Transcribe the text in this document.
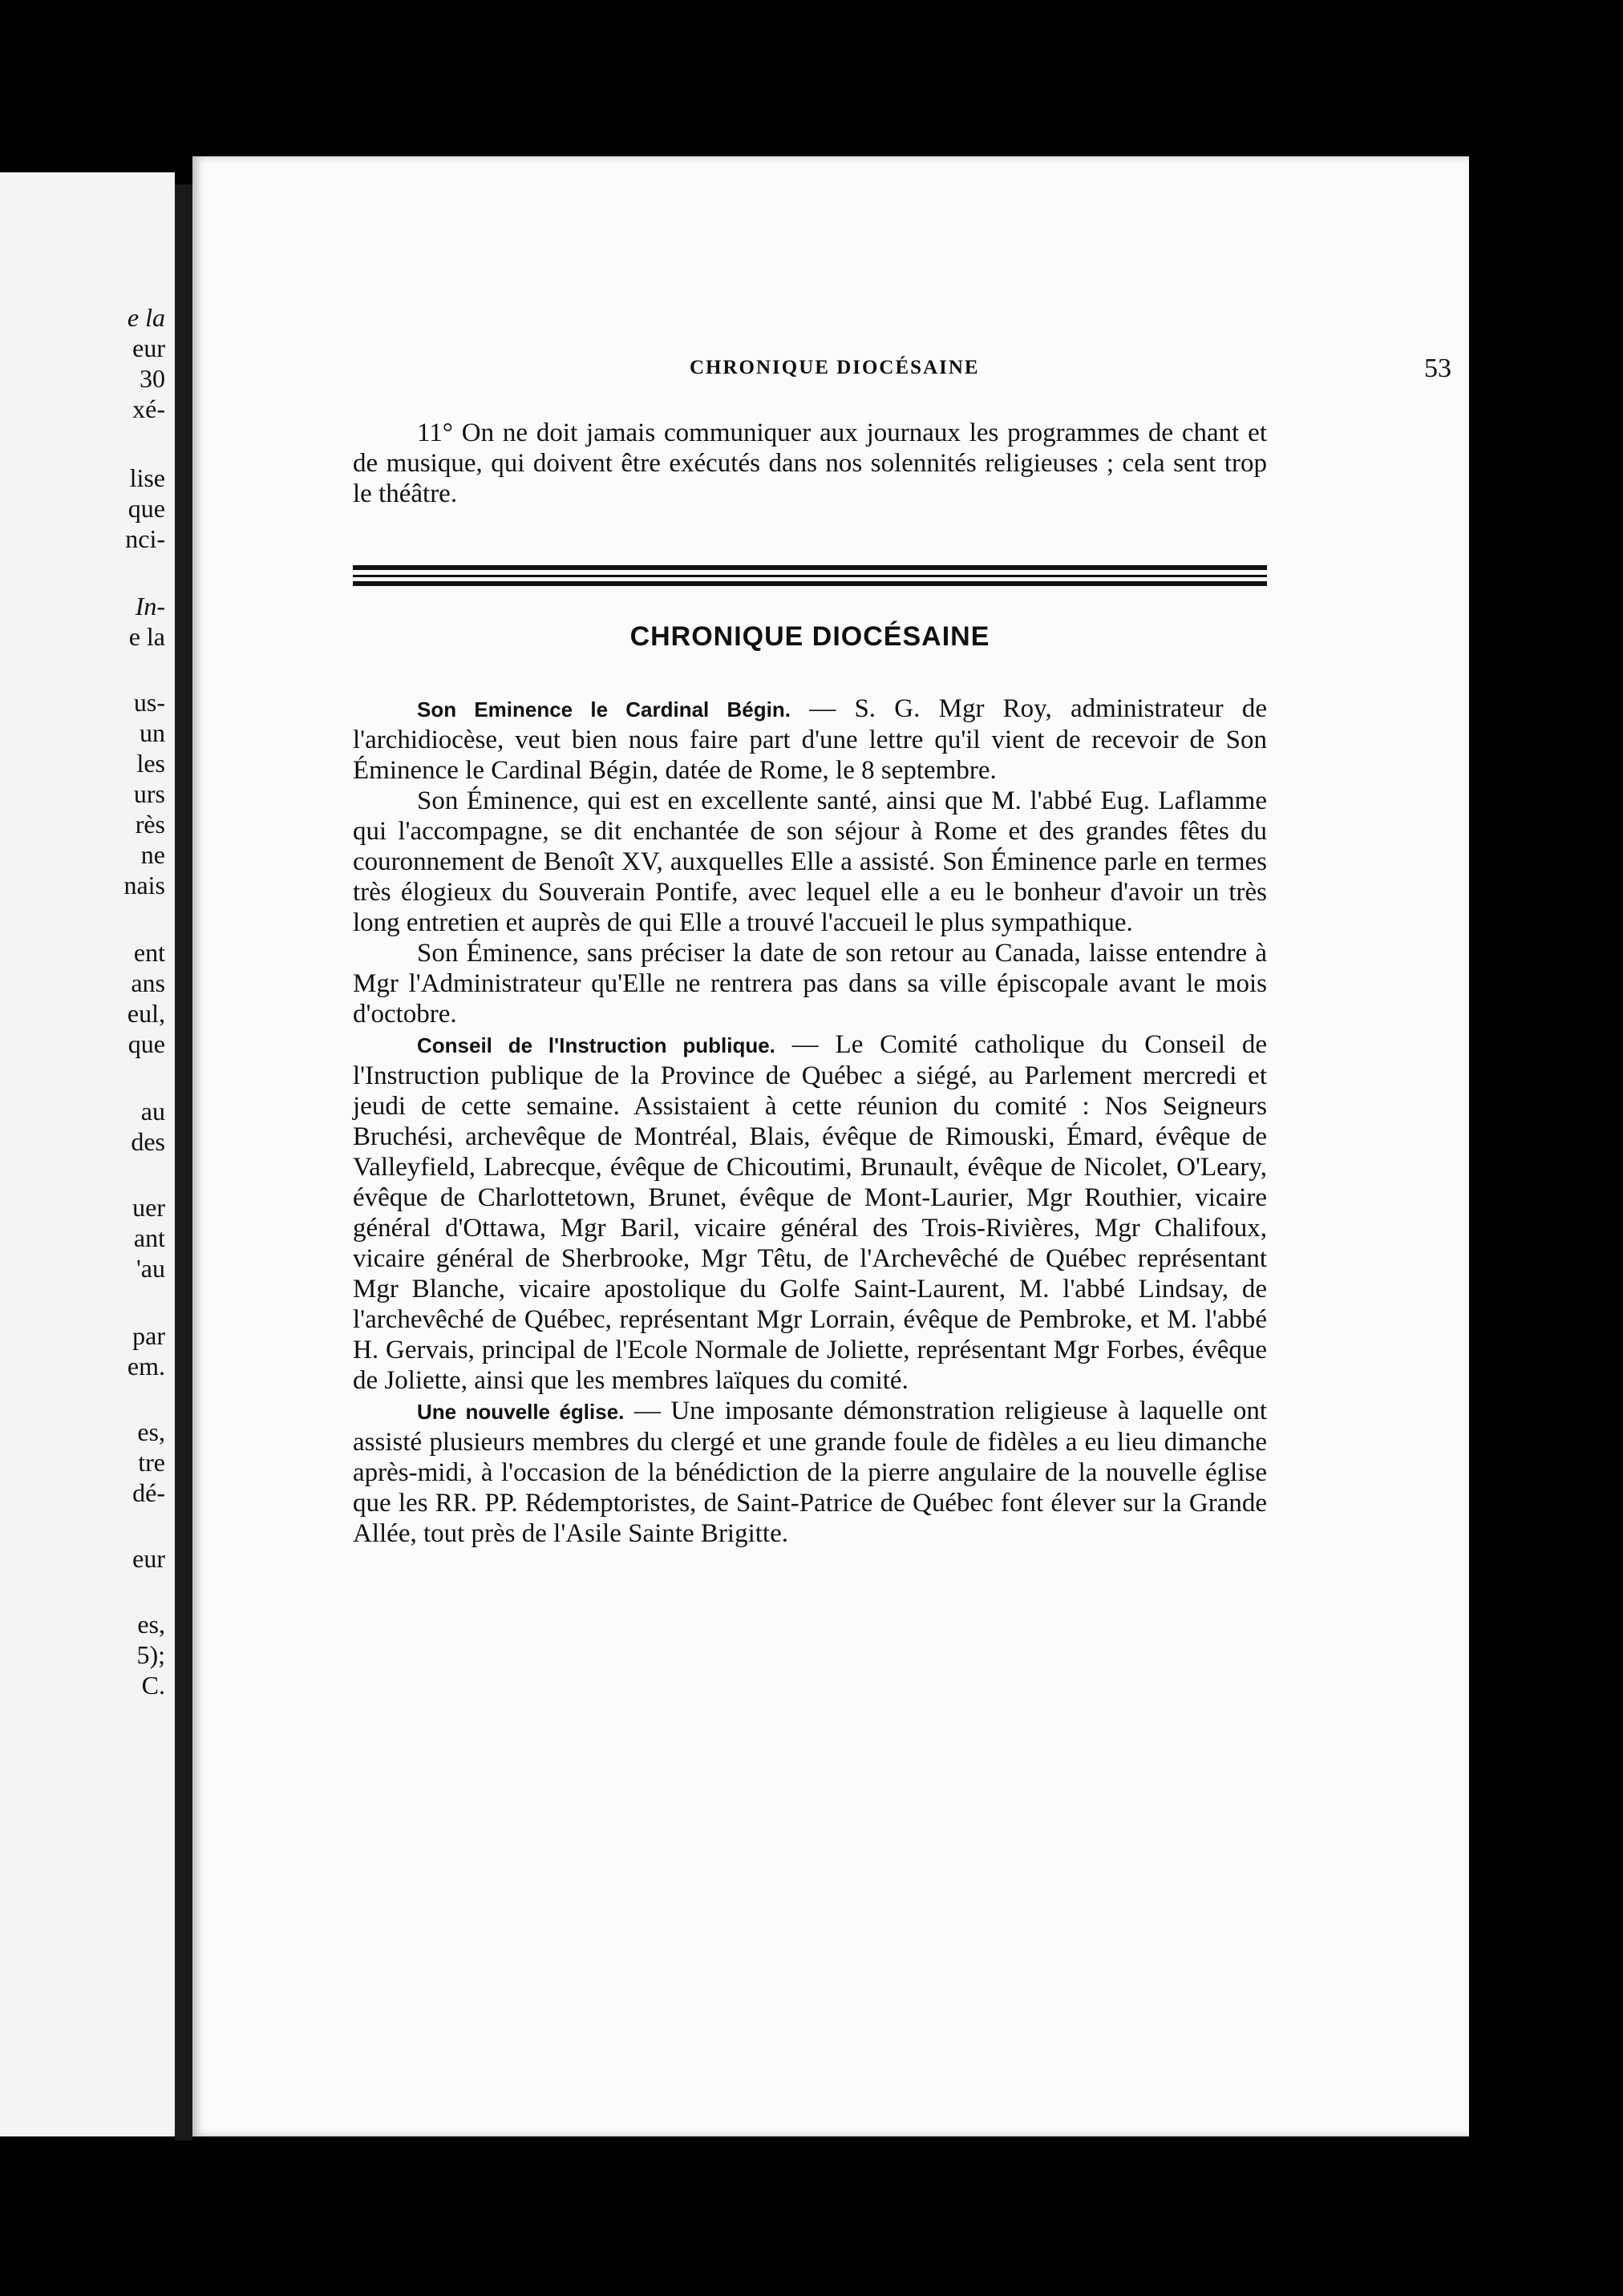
e la
eur
30
xé-
lise
que
nci-
In-
e la
us-
un
les
urs
rès
ne
nais
ent
ans
eul,
que
au
des
uer
ant
'au
par
em.
es,
tre
dé-
eur
es,
5);
C.
CHRONIQUE DIOCÉSAINE	53

11° On ne doit jamais communiquer aux journaux les programmes de chant et de musique, qui doivent être exécutés dans nos solennités religieuses ; cela sent trop le théâtre.

CHRONIQUE DIOCÉSAINE

Son Eminence le Cardinal Bégin. — S. G. Mgr Roy, administrateur de l'archidiocèse, veut bien nous faire part d'une lettre qu'il vient de recevoir de Son Éminence le Cardinal Bégin, datée de Rome, le 8 septembre.

Son Éminence, qui est en excellente santé, ainsi que M. l'abbé Eug. Laflamme qui l'accompagne, se dit enchantée de son séjour à Rome et des grandes fêtes du couronnement de Benoît XV, auxquelles Elle a assisté. Son Éminence parle en termes très élogieux du Souverain Pontife, avec lequel elle a eu le bonheur d'avoir un très long entretien et auprès de qui Elle a trouvé l'accueil le plus sympathique.

Son Éminence, sans préciser la date de son retour au Canada, laisse entendre à Mgr l'Administrateur qu'Elle ne rentrera pas dans sa ville épiscopale avant le mois d'octobre.

Conseil de l'Instruction publique. — Le Comité catholique du Conseil de l'Instruction publique de la Province de Québec a siégé, au Parlement mercredi et jeudi de cette semaine. Assistaient à cette réunion du comité : Nos Seigneurs Bruchési, archevêque de Montréal, Blais, évêque de Rimouski, Émard, évêque de Valleyfield, Labrecque, évêque de Chicoutimi, Brunault, évêque de Nicolet, O'Leary, évêque de Charlottetown, Brunet, évêque de Mont-Laurier, Mgr Routhier, vicaire général d'Ottawa, Mgr Baril, vicaire général des Trois-Rivières, Mgr Chalifoux, vicaire général de Sherbrooke, Mgr Têtu, de l'Archevêché de Québec représentant Mgr Blanche, vicaire apostolique du Golfe Saint-Laurent, M. l'abbé Lindsay, de l'archevêché de Québec, représentant Mgr Lorrain, évêque de Pembroke, et M. l'abbé H. Gervais, principal de l'Ecole Normale de Joliette, représentant Mgr Forbes, évêque de Joliette, ainsi que les membres laïques du comité.

Une nouvelle église. — Une imposante démonstration religieuse à laquelle ont assisté plusieurs membres du clergé et une grande foule de fidèles a eu lieu dimanche après-midi, à l'occasion de la bénédiction de la pierre angulaire de la nouvelle église que les RR. PP. Rédemptoristes, de Saint-Patrice de Québec font élever sur la Grande Allée, tout près de l'Asile Sainte Brigitte.
